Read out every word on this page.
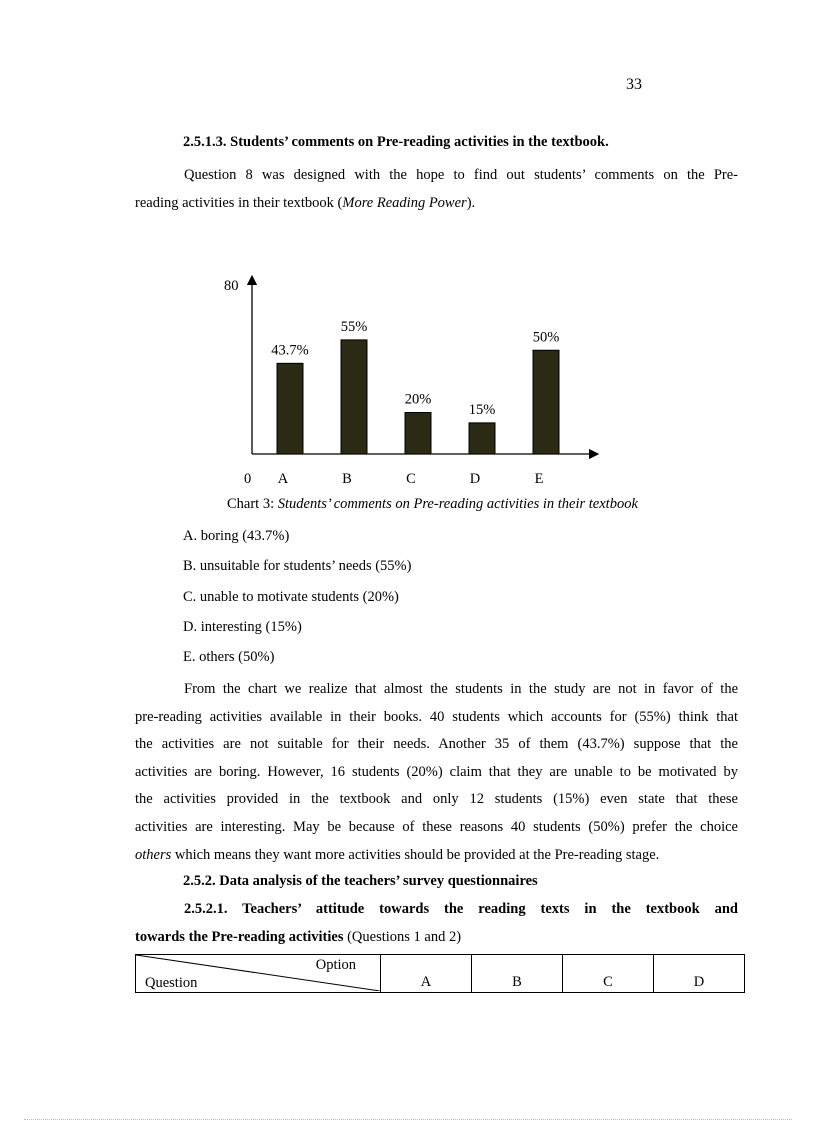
33
2.5.1.3. Students’ comments on Pre-reading activities in the textbook.
Question 8 was designed with the hope to find out students’ comments on the Pre-
reading activities in their textbook (More Reading Power).
80
0
43.7%
A
55%
B
20%
C
15%
D
50%
E
Chart 3: Students’ comments on Pre-reading activities in their textbook
A. boring (43.7%)
B. unsuitable for students’ needs (55%)
C. unable to motivate students (20%)
D. interesting (15%)
E. others (50%)
From the chart we realize that almost the students in the study are not in favor of the
pre-reading activities available in their books. 40 students which accounts for (55%) think that
the activities are not suitable for their needs. Another 35 of them (43.7%) suppose that the
activities are boring. However, 16 students (20%) claim that they are unable to be motivated by
the activities provided in the textbook and only 12 students (15%) even state that these
activities are interesting. May be because of these reasons 40 students (50%) prefer the choice
others which means they want more activities should be provided at the Pre-reading stage.
2.5.2. Data analysis of the teachers’ survey questionnaires
2.5.2.1. Teachers’ attitude towards the reading texts in the textbook and
towards the Pre-reading activities (Questions 1 and 2)
Option
Question	A	B	C	D
